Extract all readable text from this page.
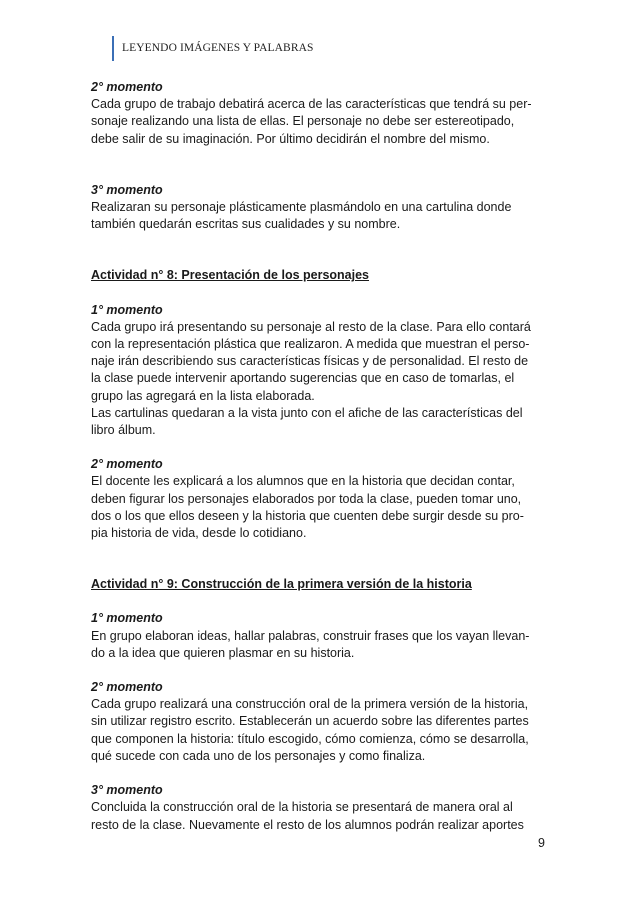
LEYENDO IMÁGENES Y PALABRAS

2° momento

Cada grupo de trabajo debatirá acerca de las características que tendrá su per-
sonaje realizando una lista de ellas. El personaje no debe ser estereotipado,
debe salir de su imaginación. Por último decidirán el nombre del mismo.

3° momento

Realizaran su personaje plásticamente plasmándolo en una cartulina donde
también quedarán escritas sus cualidades y su nombre.

Actividad n° 8: Presentación de los personajes

1° momento

Cada grupo irá presentando su personaje al resto de la clase. Para ello contará
con la representación plástica que realizaron. A medida que muestran el perso-
naje irán describiendo sus características físicas y de personalidad. El resto de
la clase puede intervenir aportando sugerencias que en caso de tomarlas, el
grupo las agregará en la lista elaborada.
Las cartulinas quedaran a la vista junto con el afiche de las características del
libro álbum.

2° momento

El docente les explicará a los alumnos que en la historia que decidan contar,
deben figurar los personajes elaborados por toda la clase, pueden tomar uno,
dos o los que ellos deseen y la historia que cuenten debe surgir desde su pro-
pia historia de vida, desde lo cotidiano.

Actividad n° 9: Construcción de la primera versión de la historia

1° momento

En grupo elaboran ideas, hallar palabras, construir frases que los vayan llevan-
do a la idea que quieren plasmar en su historia.

2° momento

Cada grupo realizará una construcción oral de la primera versión de la historia,
sin utilizar registro escrito. Establecerán un acuerdo sobre las diferentes partes
que componen la historia: título escogido, cómo comienza, cómo se desarrolla,
qué sucede con cada uno de los personajes y como finaliza.

3° momento

Concluida la construcción oral de la historia se presentará de manera oral al
resto de la clase. Nuevamente el resto de los alumnos podrán realizar aportes

9
